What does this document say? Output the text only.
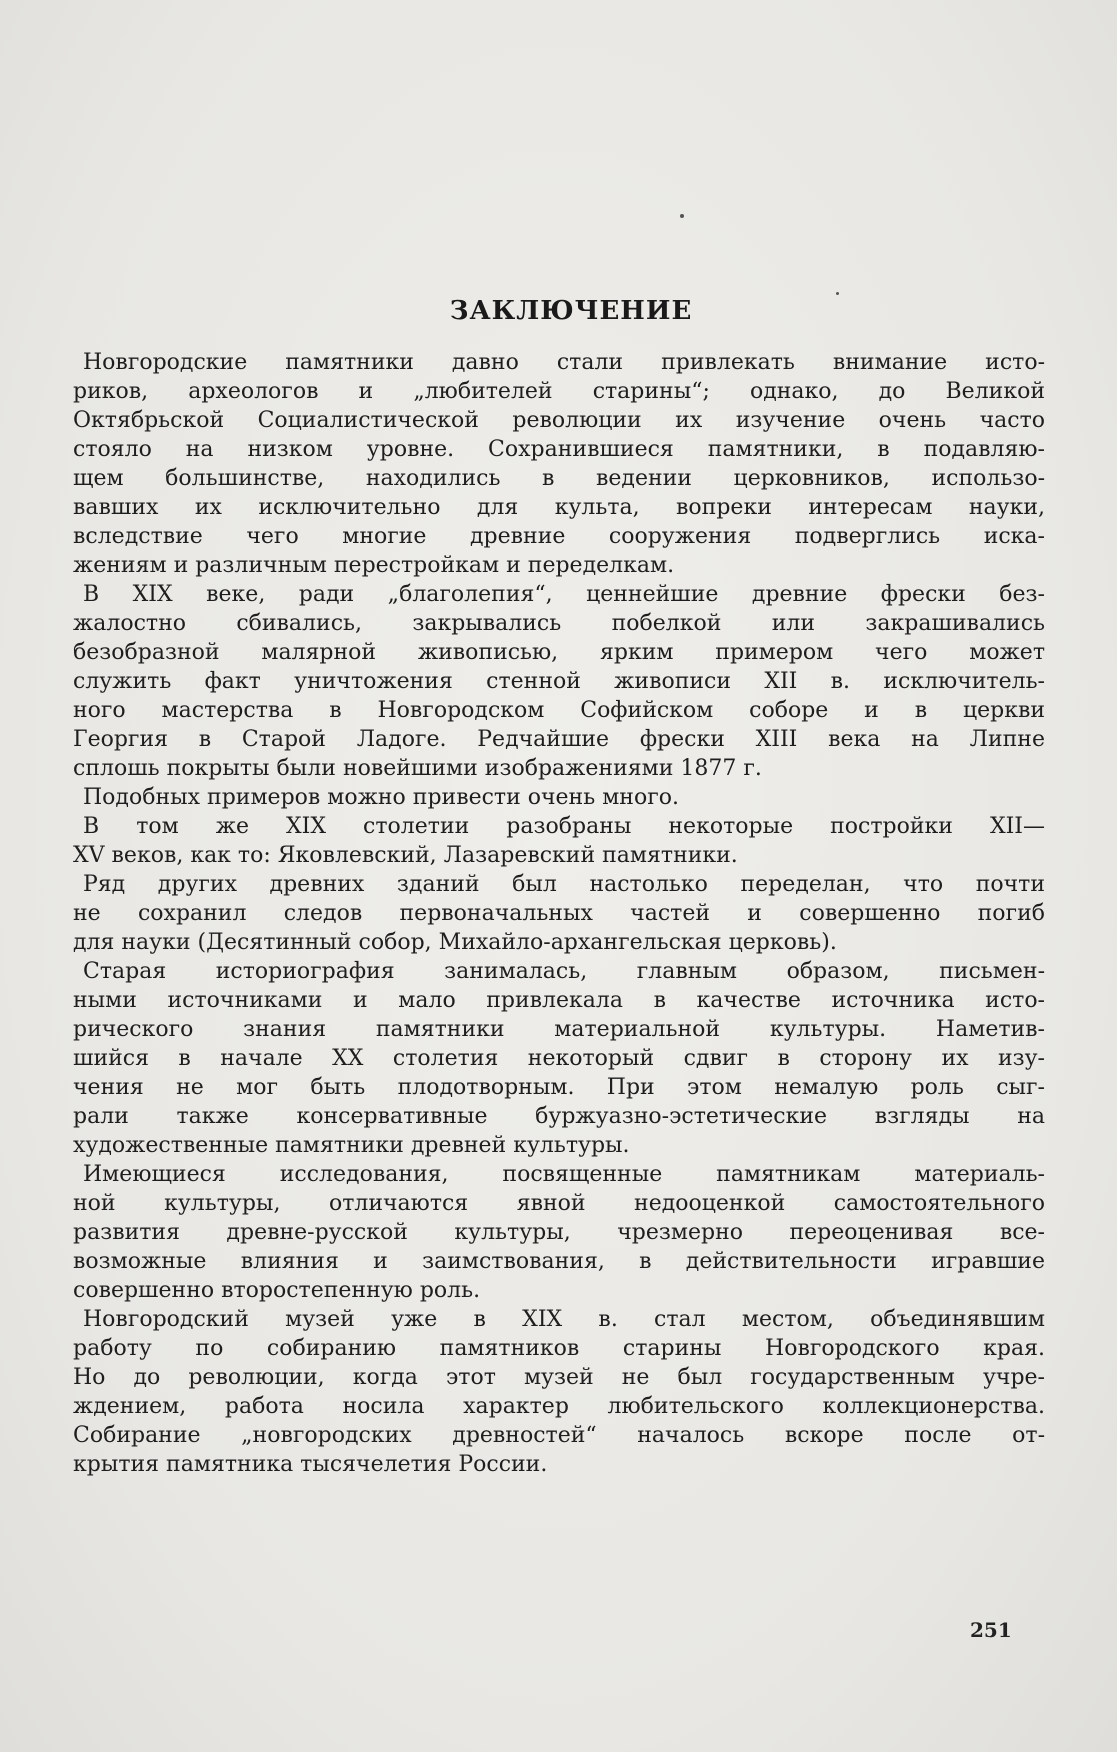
ЗАКЛЮЧЕНИЕ

Новгородские памятники давно стали привлекать внимание исто-
риков, археологов и „любителей старины“; однако, до Великой
Октябрьской Социалистической революции их изучение очень часто
стояло на низком уровне. Сохранившиеся памятники, в подавляю-
щем большинстве, находились в ведении церковников, использо-
вавших их исключительно для культа, вопреки интересам науки,
вследствие чего многие древние сооружения подверглись иска-
жениям и различным перестройкам и переделкам.

В XIX веке, ради „благолепия“, ценнейшие древние фрески без-
жалостно сбивались, закрывались побелкой или закрашивались
безобразной малярной живописью, ярким примером чего может
служить факт уничтожения стенной живописи XII в. исключитель-
ного мастерства в Новгородском Софийском соборе и в церкви
Георгия в Старой Ладоге. Редчайшие фрески XIII века на Липне
сплошь покрыты были новейшими изображениями 1877 г.

Подобных примеров можно привести очень много.

В том же XIX столетии разобраны некоторые постройки XII—
XV веков, как то: Яковлевский, Лазаревский памятники.

Ряд других древних зданий был настолько переделан, что почти
не сохранил следов первоначальных частей и совершенно погиб
для науки (Десятинный собор, Михайло-архангельская церковь).

Старая историография занималась, главным образом, письмен-
ными источниками и мало привлекала в качестве источника исто-
рического знания памятники материальной культуры. Наметив-
шийся в начале XX столетия некоторый сдвиг в сторону их изу-
чения не мог быть плодотворным. При этом немалую роль сыг-
рали также консервативные буржуазно-эстетические взгляды на
художественные памятники древней культуры.

Имеющиеся исследования, посвященные памятникам материаль-
ной культуры, отличаются явной недооценкой самостоятельного
развития древне-русской культуры, чрезмерно переоценивая все-
возможные влияния и заимствования, в действительности игравшие
совершенно второстепенную роль.

Новгородский музей уже в XIX в. стал местом, объединявшим
работу по собиранию памятников старины Новгородского края.
Но до революции, когда этот музей не был государственным учре-
ждением, работа носила характер любительского коллекционерства.
Собирание „новгородских древностей“ началось вскоре после от-
крытия памятника тысячелетия России.

251
